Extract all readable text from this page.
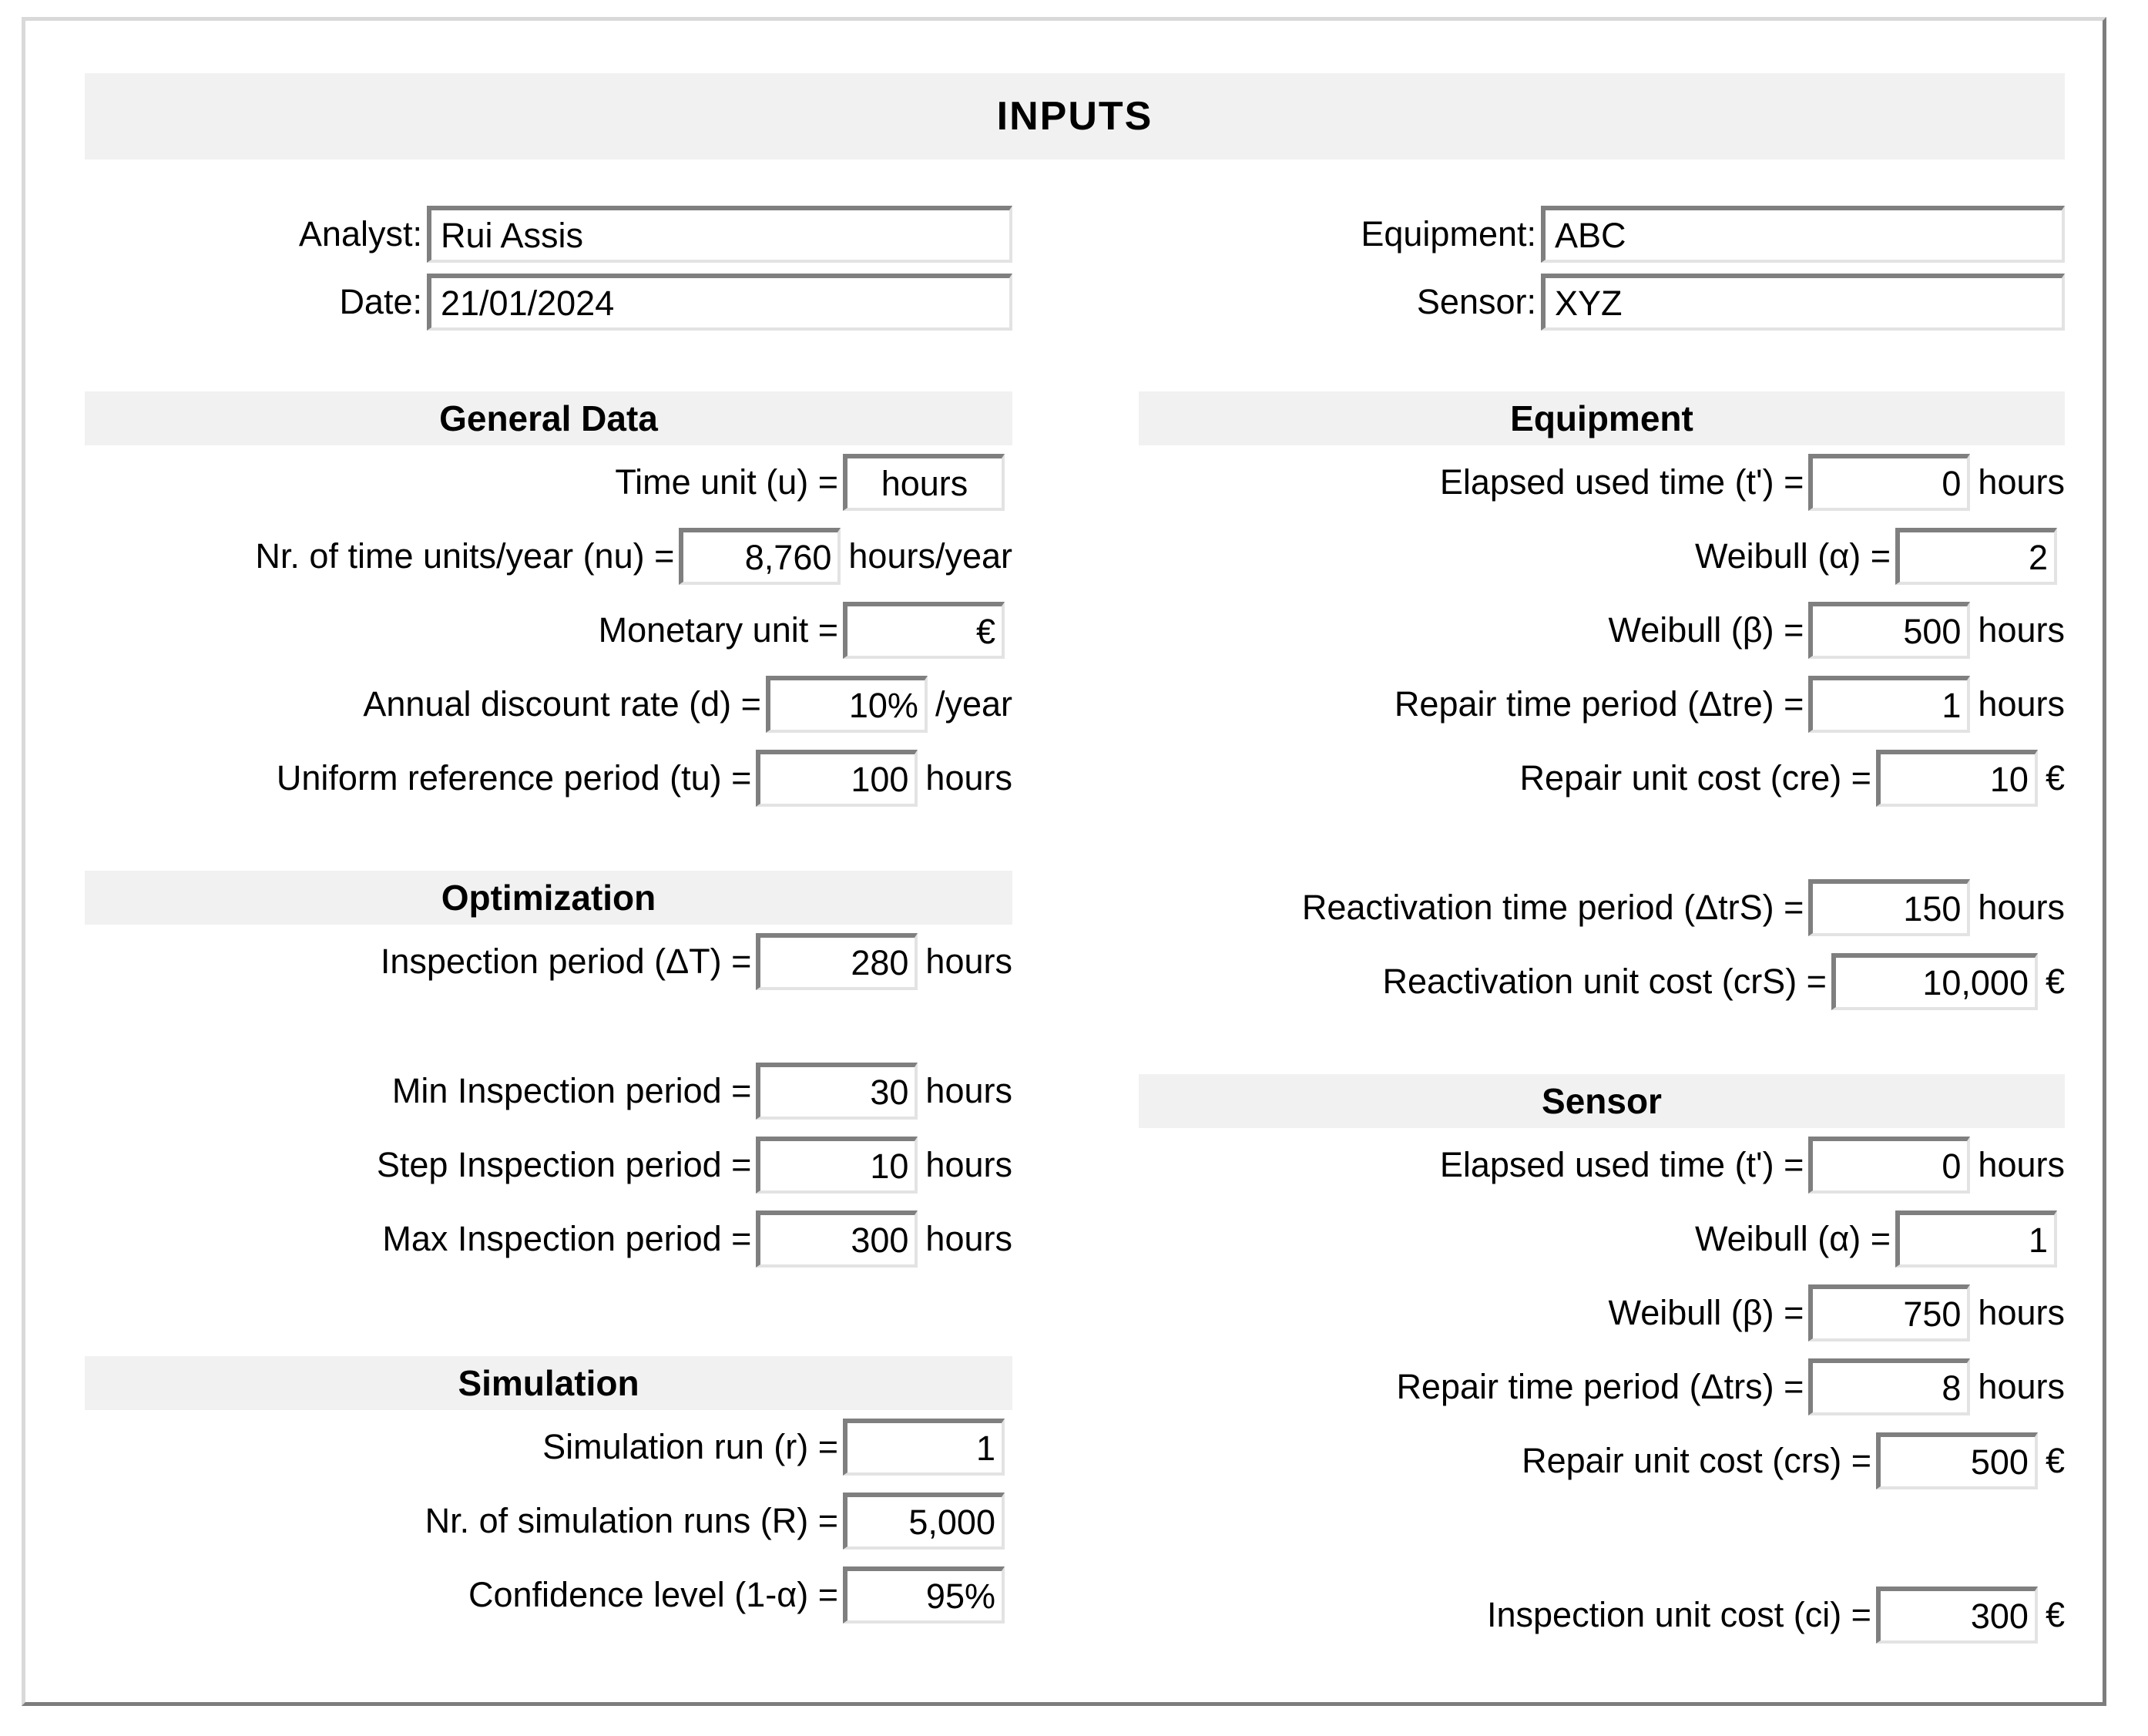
INPUTS
Analyst: Rui Assis
Date: 21/01/2024
General Data
Time unit (u) =	hours
Nr. of time units/year (nu) =	8,760 hours/year
Monetary unit =	€
Annual discount rate (d) =	10% /year
Uniform reference period (tu) =	100 hours
Optimization
Inspection period (ΔT) =	280 hours
Min Inspection period =	30 hours
Step Inspection period =	10 hours
Max Inspection period =	300 hours
Simulation
Simulation run (r) =	1
Nr. of simulation runs (R) =	5,000
Confidence level (1-α) =	95%
Equipment: ABC
Sensor: XYZ
Equipment
Elapsed used time (t') =	0 hours
Weibull (α) =	2
Weibull (β) =	500 hours
Repair time period (Δtre) =	1 hours
Repair unit cost (cre) =	10 €
Reactivation time period (ΔtrS) =	150 hours
Reactivation unit cost (crS) =	10,000 €
Sensor
Elapsed used time (t') =	0 hours
Weibull (α) =	1
Weibull (β) =	750 hours
Repair time period (Δtrs) =	8 hours
Repair unit cost (crs) =	500 €
Inspection unit cost (ci) =	300 €
